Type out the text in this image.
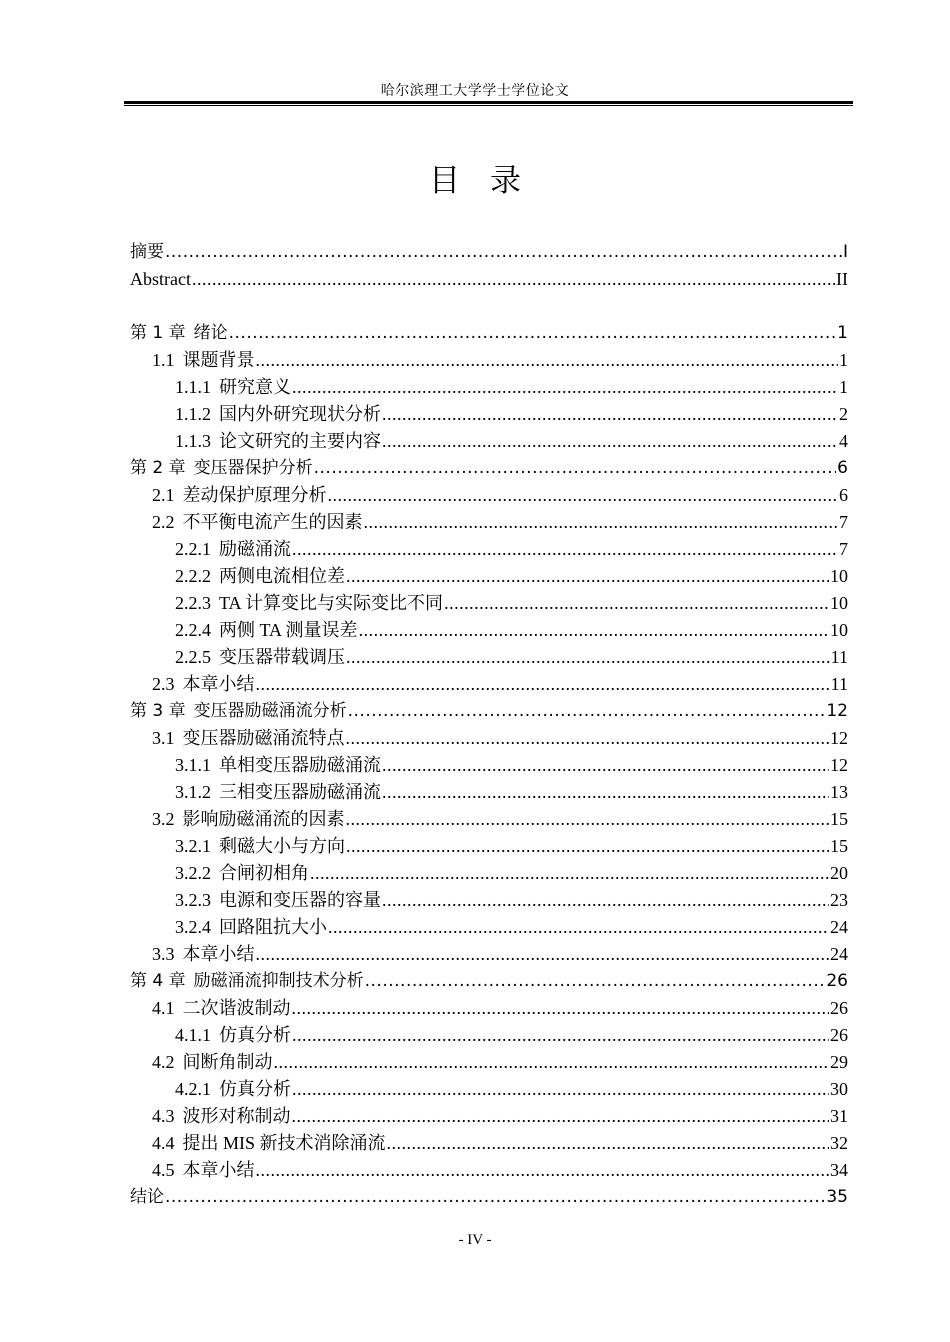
哈尔滨理工大学学士学位论文
目录
摘要 .....	I
Abstract .....	II
第 1 章 绪论 .....	1
1.1 课题背景 .....	1
1.1.1 研究意义 .....	1
1.1.2 国内外研究现状分析 .....	2
1.1.3 论文研究的主要内容 .....	4
第 2 章 变压器保护分析 .....	6
2.1 差动保护原理分析 .....	6
2.2 不平衡电流产生的因素 .....	7
2.2.1 励磁涌流 .....	7
2.2.2 两侧电流相位差 .....	10
2.2.3 TA 计算变比与实际变比不同 .....	10
2.2.4 两侧 TA 测量误差 .....	10
2.2.5 变压器带载调压 .....	11
2.3 本章小结 .....	11
第 3 章 变压器励磁涌流分析 .....	12
3.1 变压器励磁涌流特点 .....	12
3.1.1 单相变压器励磁涌流 .....	12
3.1.2 三相变压器励磁涌流 .....	13
3.2 影响励磁涌流的因素 .....	15
3.2.1 剩磁大小与方向 .....	15
3.2.2 合闸初相角 .....	20
3.2.3 电源和变压器的容量 .....	23
3.2.4 回路阻抗大小 .....	24
3.3 本章小结 .....	24
第 4 章 励磁涌流抑制技术分析 .....	26
4.1 二次谐波制动 .....	26
4.1.1 仿真分析 .....	26
4.2 间断角制动 .....	29
4.2.1 仿真分析 .....	30
4.3 波形对称制动 .....	31
4.4 提出 MIS 新技术消除涌流 .....	32
4.5 本章小结 .....	34
结论 .....	35
- IV -
